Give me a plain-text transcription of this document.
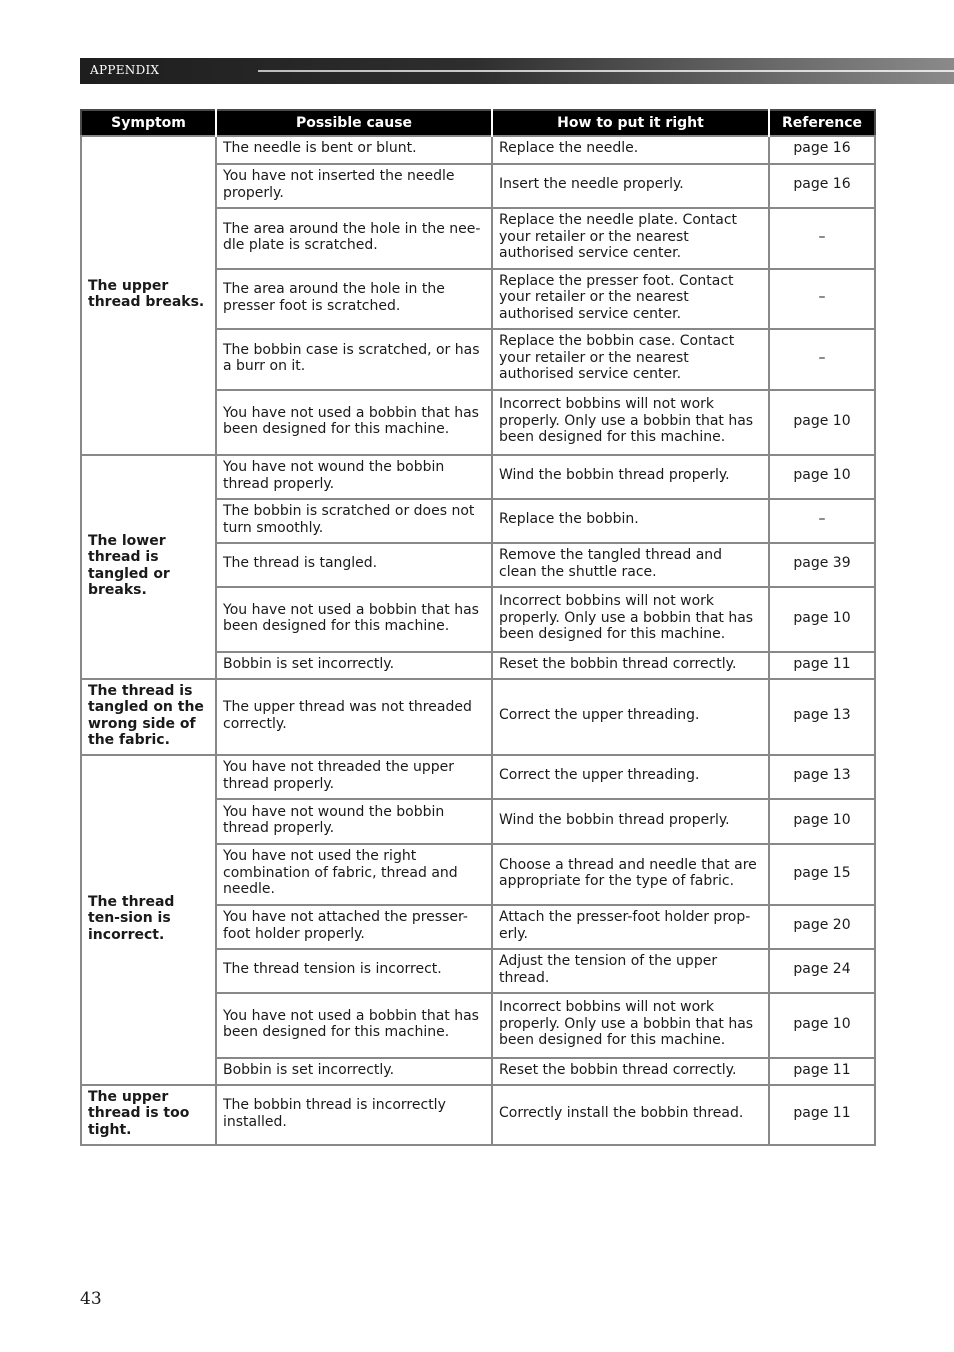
APPENDIX
Symptom	Possible cause	How to put it right	Reference
The upper thread breaks.	The needle is bent or blunt.	Replace the needle.	page 16
	You have not inserted the needle properly.	Insert the needle properly.	page 16
	The area around the hole in the nee-dle plate is scratched.	Replace the needle plate. Contact your retailer or the nearest authorised service center.	–
	The area around the hole in the presser foot is scratched.	Replace the presser foot. Contact your retailer or the nearest authorised service center.	–
	The bobbin case is scratched, or has a burr on it.	Replace the bobbin case. Contact your retailer or the nearest authorised service center.	–
	You have not used a bobbin that has been designed for this machine.	Incorrect bobbins will not work properly. Only use a bobbin that has been designed for this machine.	page 10
The lower thread is tangled or breaks.	You have not wound the bobbin thread properly.	Wind the bobbin thread properly.	page 10
	The bobbin is scratched or does not turn smoothly.	Replace the bobbin.	–
	The thread is tangled.	Remove the tangled thread and clean the shuttle race.	page 39
	You have not used a bobbin that has been designed for this machine.	Incorrect bobbins will not work properly. Only use a bobbin that has been designed for this machine.	page 10
	Bobbin is set incorrectly.	Reset the bobbin thread correctly.	page 11
The thread is tangled on the wrong side of the fabric.	The upper thread was not threaded correctly.	Correct the upper threading.	page 13
The thread ten-sion is incorrect.	You have not threaded the upper thread properly.	Correct the upper threading.	page 13
	You have not wound the bobbin thread properly.	Wind the bobbin thread properly.	page 10
	You have not used the right combination of fabric, thread and needle.	Choose a thread and needle that are appropriate for the type of fabric.	page 15
	You have not attached the presser-foot holder properly.	Attach the presser-foot holder prop-erly.	page 20
	The thread tension is incorrect.	Adjust the tension of the upper thread.	page 24
	You have not used a bobbin that has been designed for this machine.	Incorrect bobbins will not work properly. Only use a bobbin that has been designed for this machine.	page 10
	Bobbin is set incorrectly.	Reset the bobbin thread correctly.	page 11
The upper thread is too tight.	The bobbin thread is incorrectly installed.	Correctly install the bobbin thread.	page 11
43
